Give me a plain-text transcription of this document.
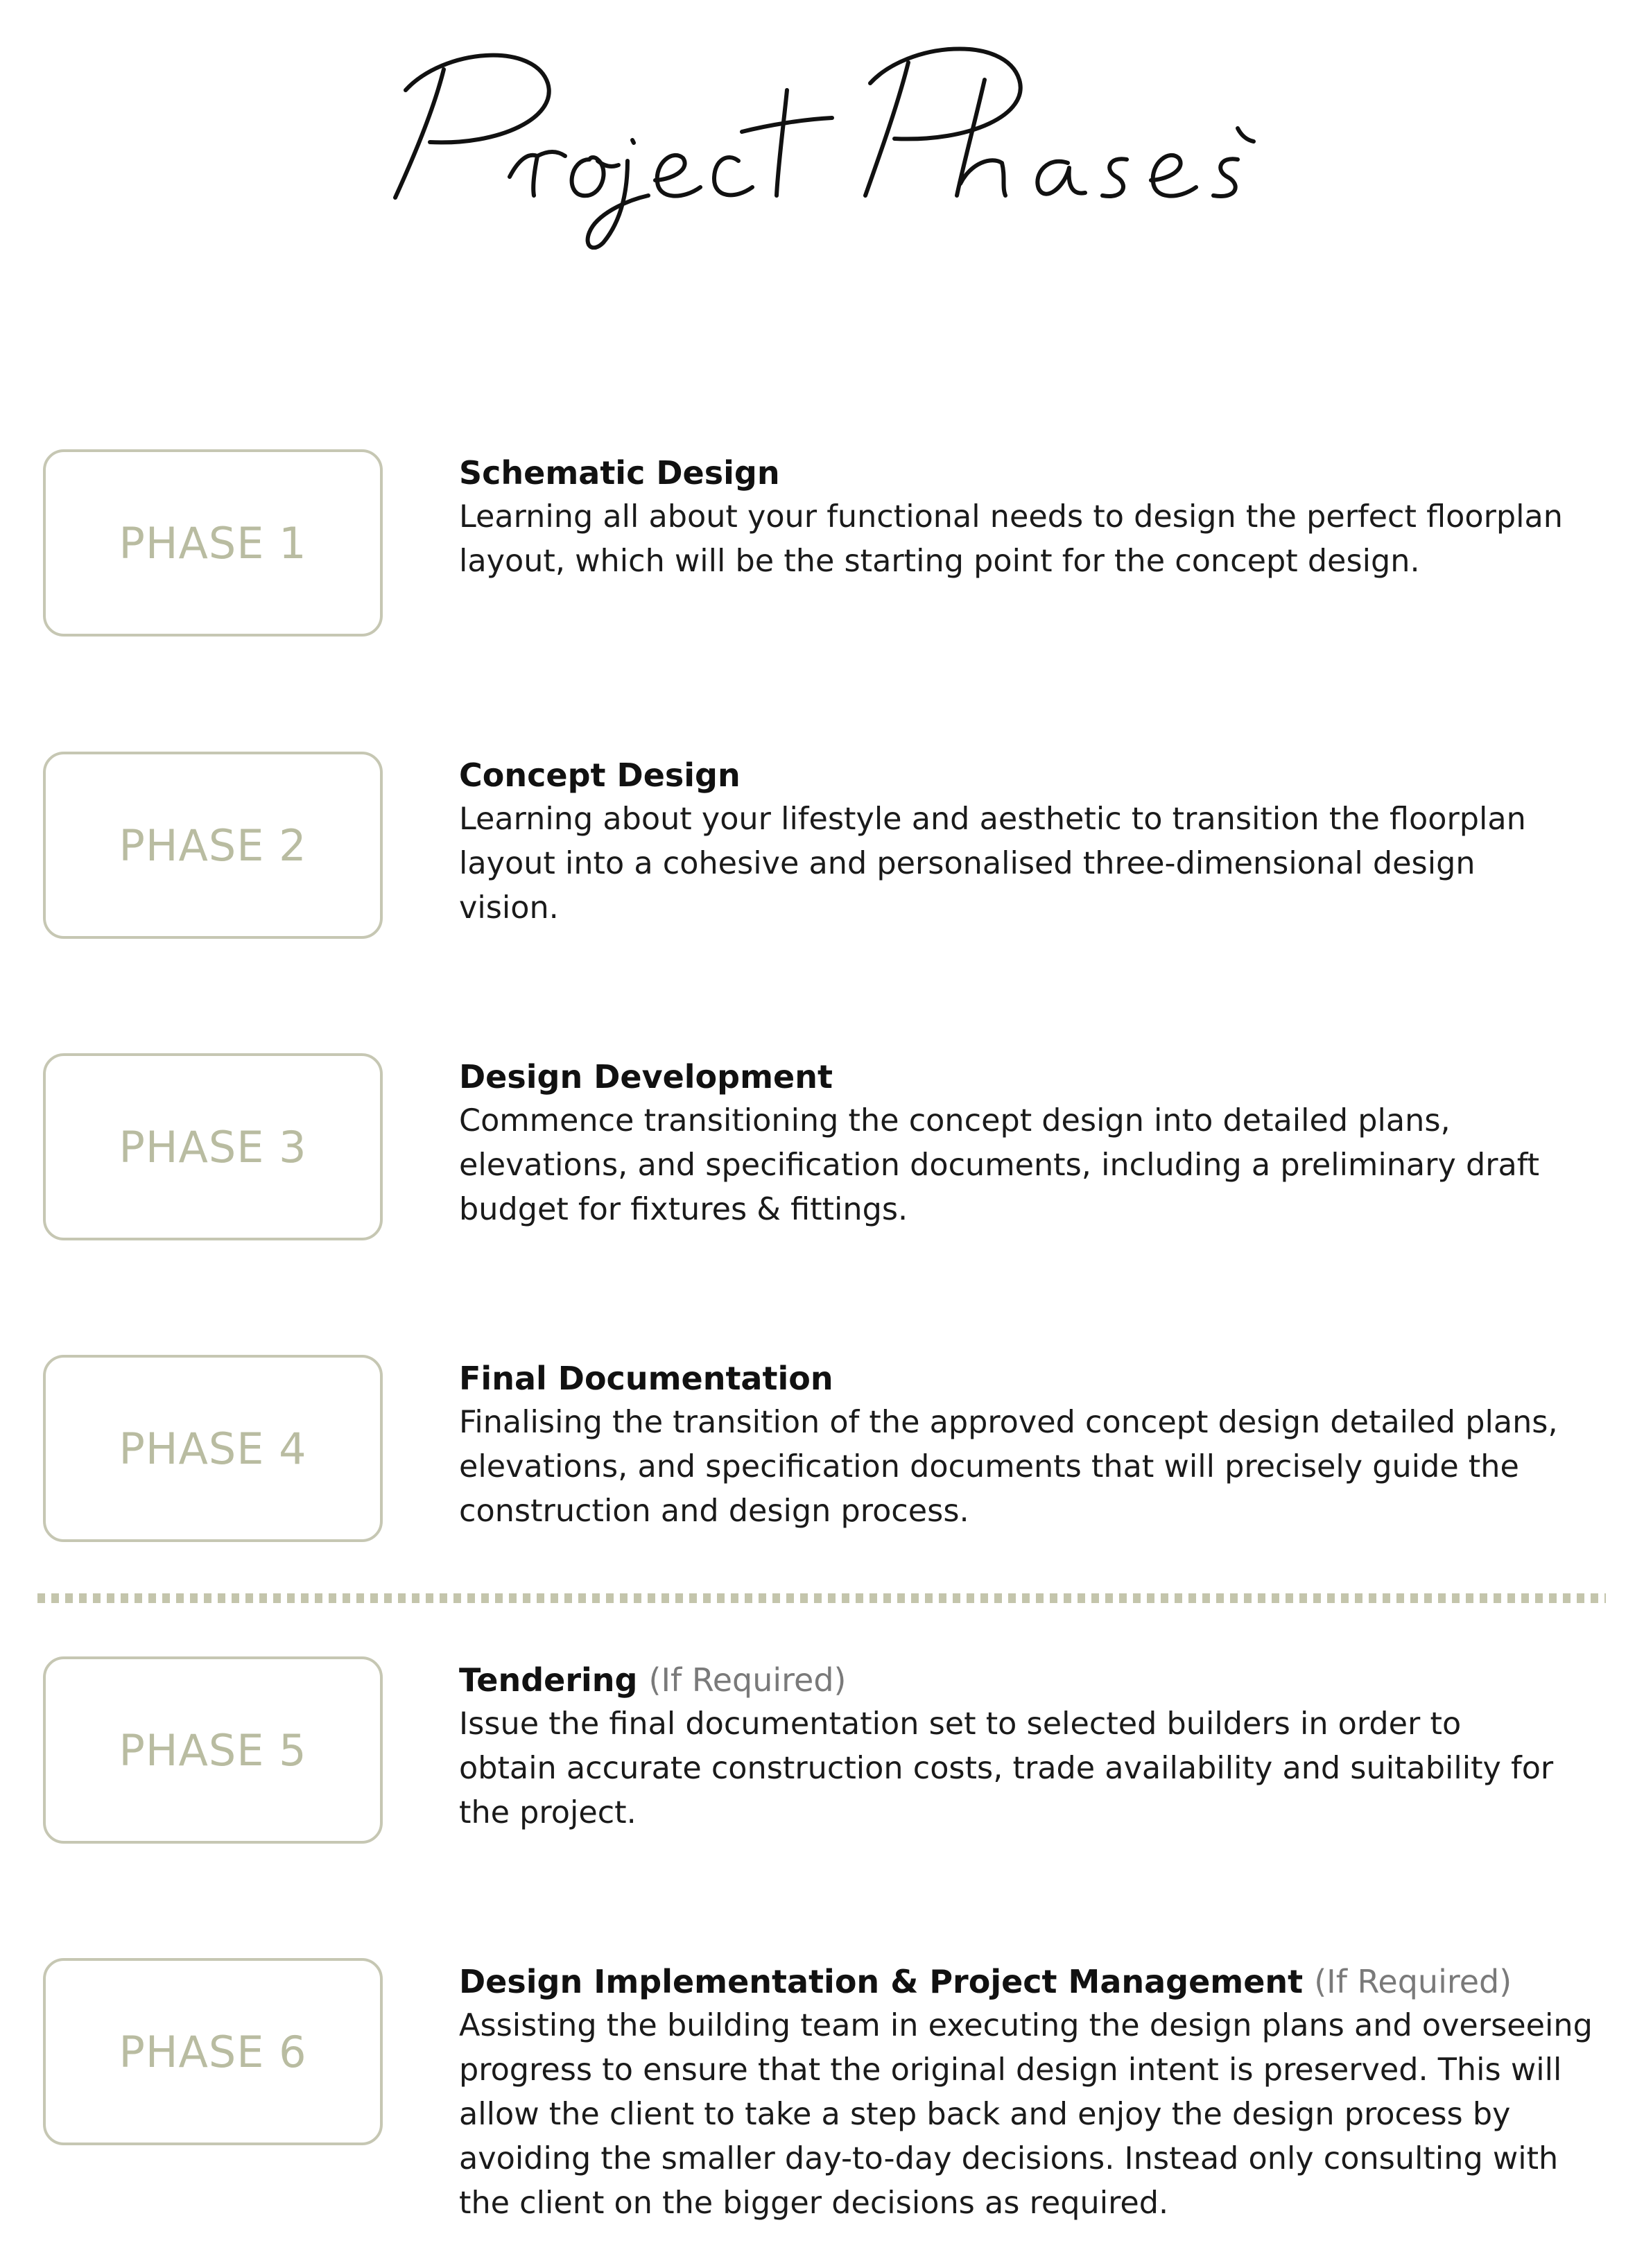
PHASE 1
Schematic Design

Learning all about your functional needs to design the perfect floorplan
layout, which will be the starting point for the concept design.

PHASE 2
Concept Design

Learning about your lifestyle and aesthetic to transition the floorplan
layout into a cohesive and personalised three-dimensional design
vision.

PHASE 3
Design Development

Commence transitioning the concept design into detailed plans,
elevations, and specification documents, including a preliminary draft
budget for fixtures & fittings.

PHASE 4
Final Documentation

Finalising the transition of the approved concept design detailed plans,
elevations, and specification documents that will precisely guide the
construction and design process.

PHASE 5
Tendering (If Required)

Issue the final documentation set to selected builders in order to
obtain accurate construction costs, trade availability and suitability for
the project.

PHASE 6
Design Implementation & Project Management (If Required)

Assisting the building team in executing the design plans and overseeing
progress to ensure that the original design intent is preserved. This will
allow the client to take a step back and enjoy the design process by
avoiding the smaller day-to-day decisions. Instead only consulting with
the client on the bigger decisions as required.
